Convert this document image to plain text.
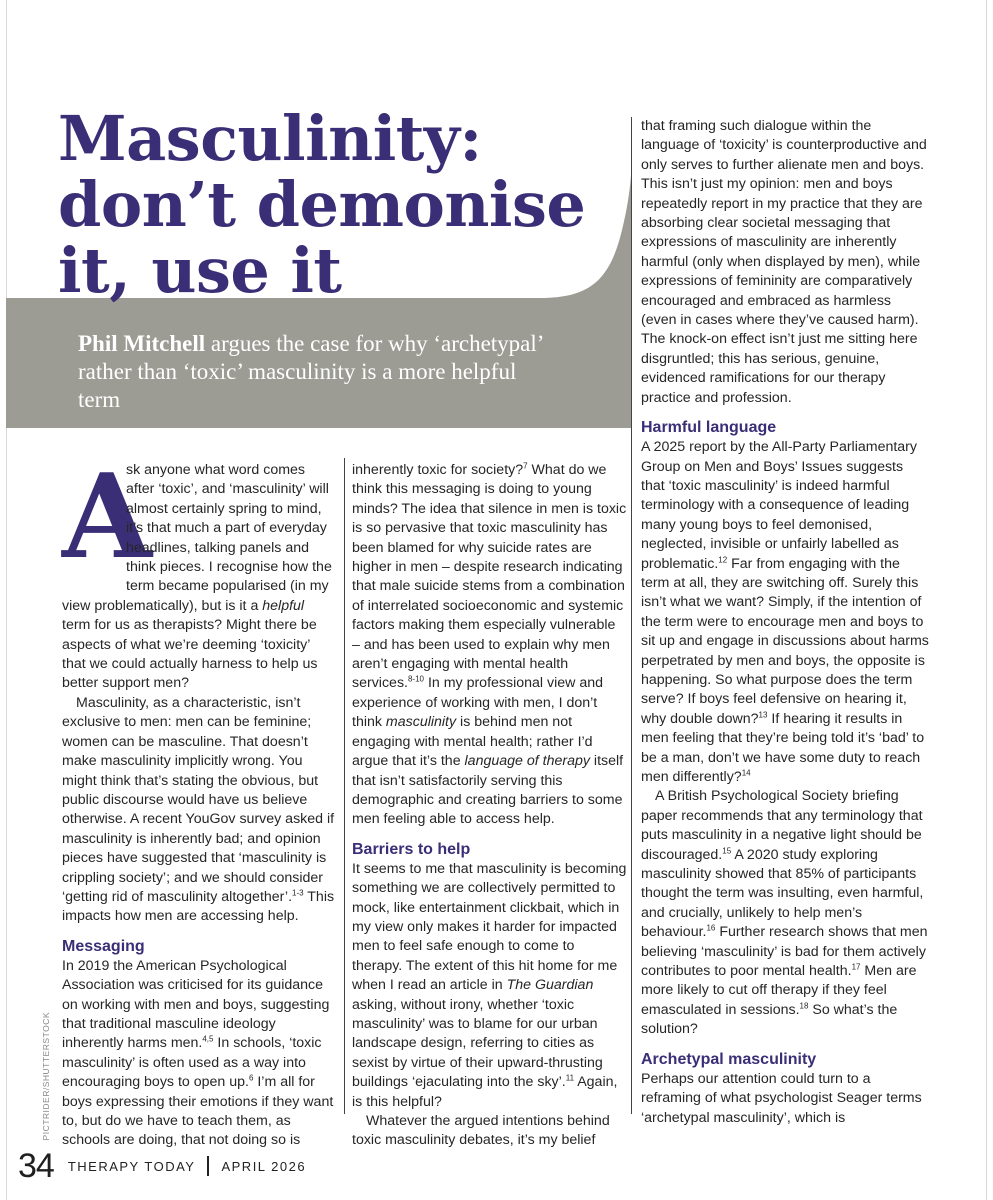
Masculinity:
don’t demonise
it, use it
Phil Mitchell argues the case for why ‘archetypal’ rather than ‘toxic’ masculinity is a more helpful term

A
sk anyone what word comes after ‘toxic’, and ‘masculinity’ will almost certainly spring to mind, it’s that much a part of everyday headlines, talking panels and think pieces. I recognise how the term became popularised (in my view problematically), but is it a helpful term for us as therapists? Might there be aspects of what we’re deeming ‘toxicity’ that we could actually harness to help us better support men?

Masculinity, as a characteristic, isn’t exclusive to men: men can be feminine; women can be masculine. That doesn’t make masculinity implicitly wrong. You might think that’s stating the obvious, but public discourse would have us believe otherwise. A recent YouGov survey asked if masculinity is inherently bad; and opinion pieces have suggested that ‘masculinity is crippling society’; and we should consider ‘getting rid of masculinity altogether’.$^{1-3}$ This impacts how men are accessing help.

Messaging

In 2019 the American Psychological Association was criticised for its guidance on working with men and boys, suggesting that traditional masculine ideology inherently harms men.$^{4,5}$ In schools, ‘toxic masculinity’ is often used as a way into encouraging boys to open up.$^6$ I’m all for boys expressing their emotions if they want to, but do we have to teach them, as schools are doing, that not doing so is

PICTRIDER/SHUTTERSTOCK

inherently toxic for society?$^7$ What do we think this messaging is doing to young minds? The idea that silence in men is toxic is so pervasive that toxic masculinity has been blamed for why suicide rates are higher in men – despite research indicating that male suicide stems from a combination of interrelated socioeconomic and systemic factors making them especially vulnerable – and has been used to explain why men aren’t engaging with mental health services.$^{8-10}$ In my professional view and experience of working with men, I don’t think masculinity is behind men not engaging with mental health; rather I’d argue that it’s the language of therapy itself that isn’t satisfactorily serving this demographic and creating barriers to some men feeling able to access help.

Barriers to help

It seems to me that masculinity is becoming something we are collectively permitted to mock, like entertainment clickbait, which in my view only makes it harder for impacted men to feel safe enough to come to therapy. The extent of this hit home for me when I read an article in The Guardian asking, without irony, whether ‘toxic masculinity’ was to blame for our urban landscape design, referring to cities as sexist by virtue of their upward-thrusting buildings ‘ejaculating into the sky’.$^{11}$ Again, is this helpful?

Whatever the argued intentions behind toxic masculinity debates, it’s my belief

that framing such dialogue within the language of ‘toxicity’ is counterproductive and only serves to further alienate men and boys. This isn’t just my opinion: men and boys repeatedly report in my practice that they are absorbing clear societal messaging that expressions of masculinity are inherently harmful (only when displayed by men), while expressions of femininity are comparatively encouraged and embraced as harmless (even in cases where they’ve caused harm). The knock-on effect isn’t just me sitting here disgruntled; this has serious, genuine, evidenced ramifications for our therapy practice and profession.

Harmful language

A 2025 report by the All-Party Parliamentary Group on Men and Boys’ Issues suggests that ‘toxic masculinity’ is indeed harmful terminology with a consequence of leading many young boys to feel demonised, neglected, invisible or unfairly labelled as problematic.$^{12}$ Far from engaging with the term at all, they are switching off. Surely this isn’t what we want? Simply, if the intention of the term were to encourage men and boys to sit up and engage in discussions about harms perpetrated by men and boys, the opposite is happening. So what purpose does the term serve? If boys feel defensive on hearing it, why double down?$^{13}$ If hearing it results in men feeling that they’re being told it’s ‘bad’ to be a man, don’t we have some duty to reach men differently?$^{14}$

A British Psychological Society briefing paper recommends that any terminology that puts masculinity in a negative light should be discouraged.$^{15}$ A 2020 study exploring masculinity showed that 85% of participants thought the term was insulting, even harmful, and crucially, unlikely to help men’s behaviour.$^{16}$ Further research shows that men believing ‘masculinity’ is bad for them actively contributes to poor mental health.$^{17}$ Men are more likely to cut off therapy if they feel emasculated in sessions.$^{18}$ So what’s the solution?

Archetypal masculinity

Perhaps our attention could turn to a reframing of what psychologist Seager terms ‘archetypal masculinity’, which is

34 THERAPY TODAY APRIL 2026
